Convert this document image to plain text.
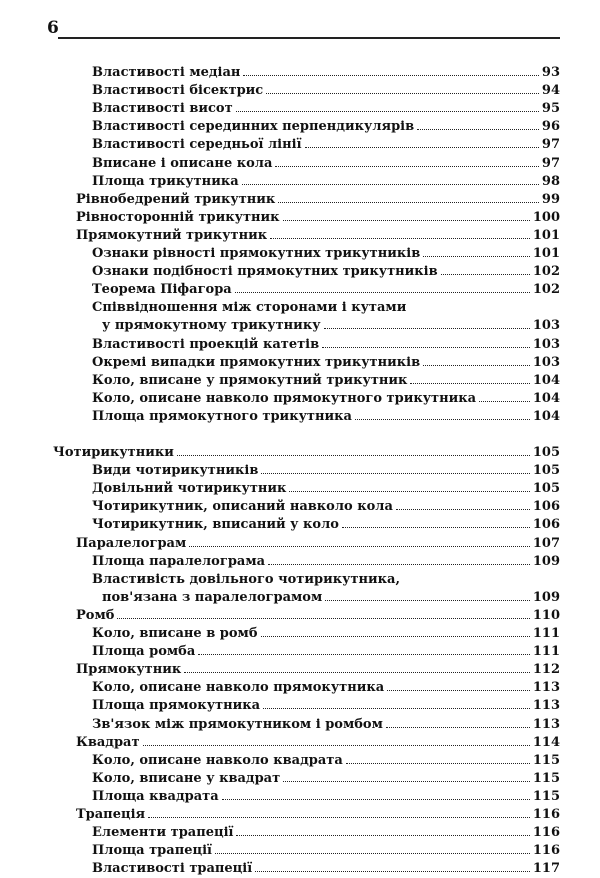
6
Властивості медіан	93
Властивості бісектрис	94
Властивості висот	95
Властивості серединних перпендикулярів	96
Властивості середньої лінії	97
Вписане і описане кола	97
Площа трикутника	98
Рівнобедрений трикутник	99
Рівносторонній трикутник	100
Прямокутний трикутник	101
Ознаки рівності прямокутних трикутників	101
Ознаки подібності прямокутних трикутників	102
Теорема Піфагора	102
Співвідношення між сторонами і кутами
у прямокутному трикутнику	103
Властивості проекцій катетів	103
Окремі випадки прямокутних трикутників	103
Коло, вписане у прямокутний трикутник	104
Коло, описане навколо прямокутного трикутника	104
Площа прямокутного трикутника	104
Чотирикутники	105
Види чотирикутників	105
Довільний чотирикутник	105
Чотирикутник, описаний навколо кола	106
Чотирикутник, вписаний у коло	106
Паралелограм	107
Площа паралелограма	109
Властивість довільного чотирикутника,
пов'язана з паралелограмом	109
Ромб	110
Коло, вписане в ромб	111
Площа ромба	111
Прямокутник	112
Коло, описане навколо прямокутника	113
Площа прямокутника	113
Зв'язок між прямокутником і ромбом	113
Квадрат	114
Коло, описане навколо квадрата	115
Коло, вписане у квадрат	115
Площа квадрата	115
Трапеція	116
Елементи трапеції	116
Площа трапеції	116
Властивості трапеції	117
